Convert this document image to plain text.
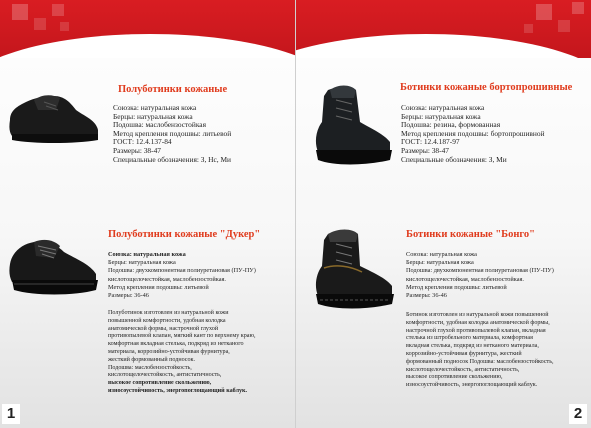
Полуботинки кожаные
Союзка: натуральная кожа
Берцы: натуральная кожа
Подошва: маслобензостойкая
Метод крепления подошвы: литьевой
ГОСТ: 12.4.137-84
Размеры: 38-47
Специальные обозначения: З, Нс, Ми
Полуботинки кожаные "Дукер"
Союзка: натуральная кожа
Берцы: натуральная кожа
Подошва: двухкомпонентная полиуретановая (ПУ-ПУ)
кислотощелочестойкая, маслобензостойкая.
Метод крепления подошвы: литьевой
Размеры: 36-46
Полуботинок изготовлен из натуральной кожи
повышенной комфортности, удобная колодка
анатомической формы, настрочной глухой
противопылевой клапан, мягкий кант по верхнему краю,
комфортная вкладная стелька, подкряд из нетканого
материала, коррозийно-устойчивая фурнитура,
жесткий формованный подносок.
Подошва: маслобензостойкость,
кислотощелочестойкость, антистатичность,
высокое сопротивление скольжению,
износоустойчивость, энергопоглощающий каблук.
1
Ботинки кожаные бортопрошивные
Союзка: натуральная кожа
Берцы: натуральная кожа
Подошва: резина, формованная
Метод крепления подошвы: бортопрошивной
ГОСТ: 12.4.187-97
Размеры: 38-47
Специальные обозначения: З, Ми
Ботинки кожаные "Бонго"
Союзка: натуральная кожа
Берцы: натуральная кожа
Подошва: двухкомпонентная полиуретановая (ПУ-ПУ)
кислотощелочестойкая, маслобензостойкая.
Метод крепления подошвы: литьевой
Размеры: 36-46
Ботинок изготовлен из натуральной кожи повышенной
комфортности, удобная колодка анатомической формы,
настрочной глухой противопылевой клапан, вкладная
стелька из штробельного материала, комфортная
вкладная стелька, подкряд из нетканого материала,
коррозийно-устойчивая фурнитура, жесткий
формованный подносок Подошва: маслобензостойкость,
кислотощелочестойкость, антистатичность,
высокое сопротивление скольжению,
износоустойчивость, энергопоглощающий каблук.
2
